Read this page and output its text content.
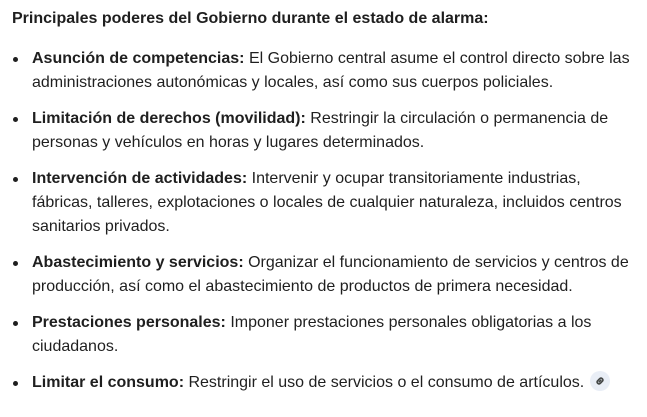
Principales poderes del Gobierno durante el estado de alarma:
Asunción de competencias: El Gobierno central asume el control directo sobre las administraciones autonómicas y locales, así como sus cuerpos policiales.
Limitación de derechos (movilidad): Restringir la circulación o permanencia de personas y vehículos en horas y lugares determinados.
Intervención de actividades: Intervenir y ocupar transitoriamente industrias, fábricas, talleres, explotaciones o locales de cualquier naturaleza, incluidos centros sanitarios privados.
Abastecimiento y servicios: Organizar el funcionamiento de servicios y centros de producción, así como el abastecimiento de productos de primera necesidad.
Prestaciones personales: Imponer prestaciones personales obligatorias a los ciudadanos.
Limitar el consumo: Restringir el uso de servicios o el consumo de artículos.
